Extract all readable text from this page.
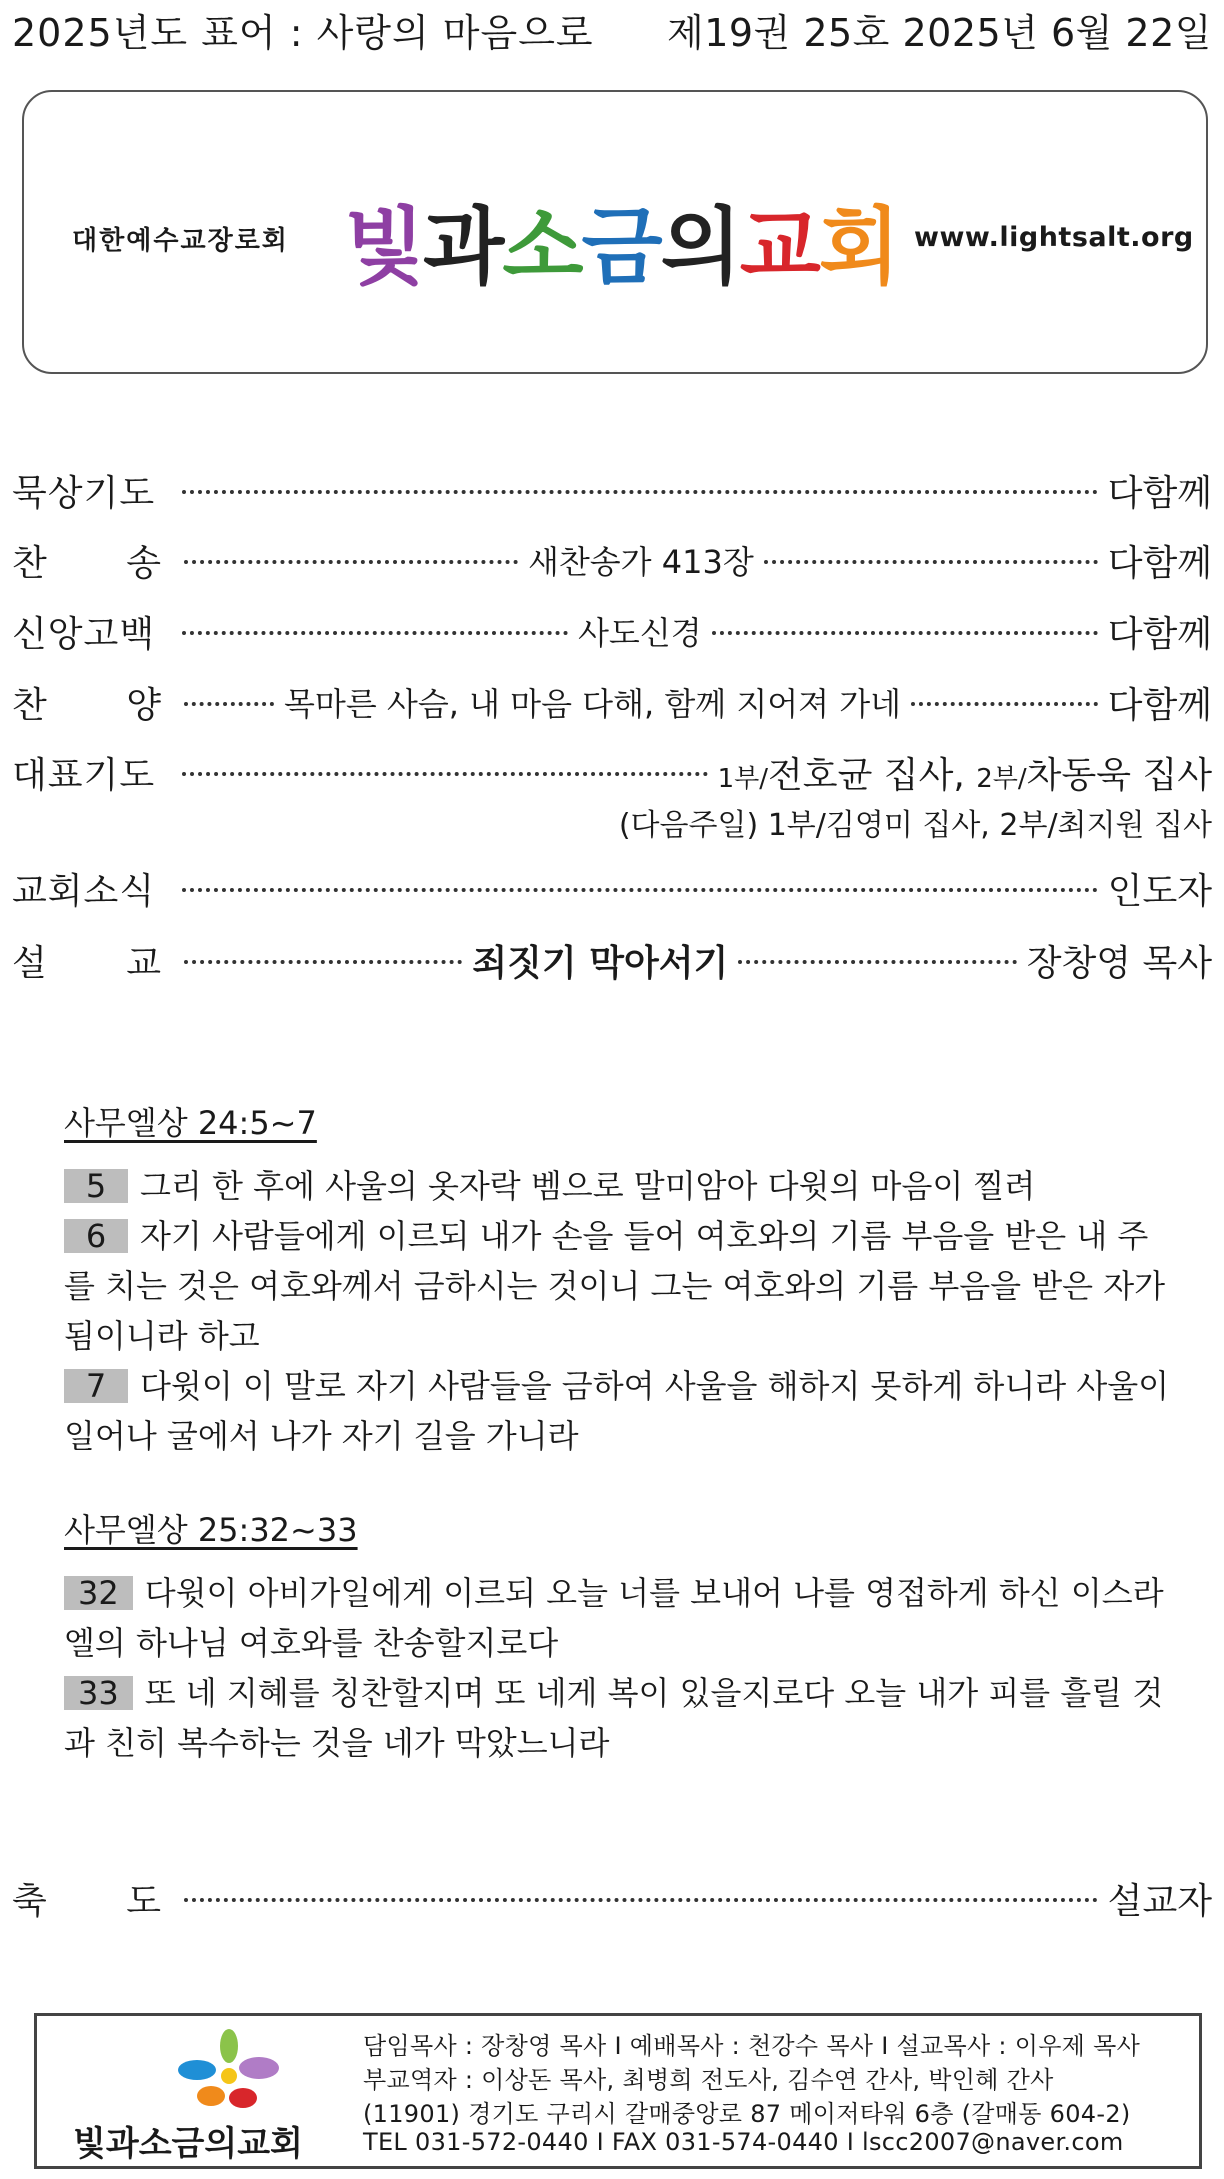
2025년도 표어 : 사랑의 마음으로 제19권 25호 2025년 6월 22일
대한예수교장로회 빛과소금의교회 www.lightsalt.org
묵상기도	다함께
찬 송	새찬송가 413장	다함께
신앙고백	사도신경	다함께
찬 양	목마른 사슴, 내 마음 다해, 함께 지어져 가네	다함께
대표기도	1부/전호균 집사, 2부/차동욱 집사
(다음주일) 1부/김영미 집사, 2부/최지원 집사
교회소식	인도자
설 교	죄짓기 막아서기	장창영 목사
축 도	설교자
사무엘상 24:5~7
5 그리 한 후에 사울의 옷자락 벰으로 말미암아 다윗의 마음이 찔려
6 자기 사람들에게 이르되 내가 손을 들어 여호와의 기름 부음을 받은 내 주를 치는 것은 여호와께서 금하시는 것이니 그는 여호와의 기름 부음을 받은 자가 됨이니라 하고
7 다윗이 이 말로 자기 사람들을 금하여 사울을 해하지 못하게 하니라 사울이 일어나 굴에서 나가 자기 길을 가니라
사무엘상 25:32~33
32 다윗이 아비가일에게 이르되 오늘 너를 보내어 나를 영접하게 하신 이스라엘의 하나님 여호와를 찬송할지로다
33 또 네 지혜를 칭찬할지며 또 네게 복이 있을지로다 오늘 내가 피를 흘릴 것과 친히 복수하는 것을 네가 막았느니라
빛과소금의교회
담임목사 : 장창영 목사 I 예배목사 : 천강수 목사 I 설교목사 : 이우제 목사
부교역자 : 이상돈 목사, 최병희 전도사, 김수연 간사, 박인혜 간사
(11901) 경기도 구리시 갈매중앙로 87 메이저타워 6층 (갈매동 604-2)
TEL 031-572-0440 I FAX 031-574-0440 I lscc2007@naver.com
